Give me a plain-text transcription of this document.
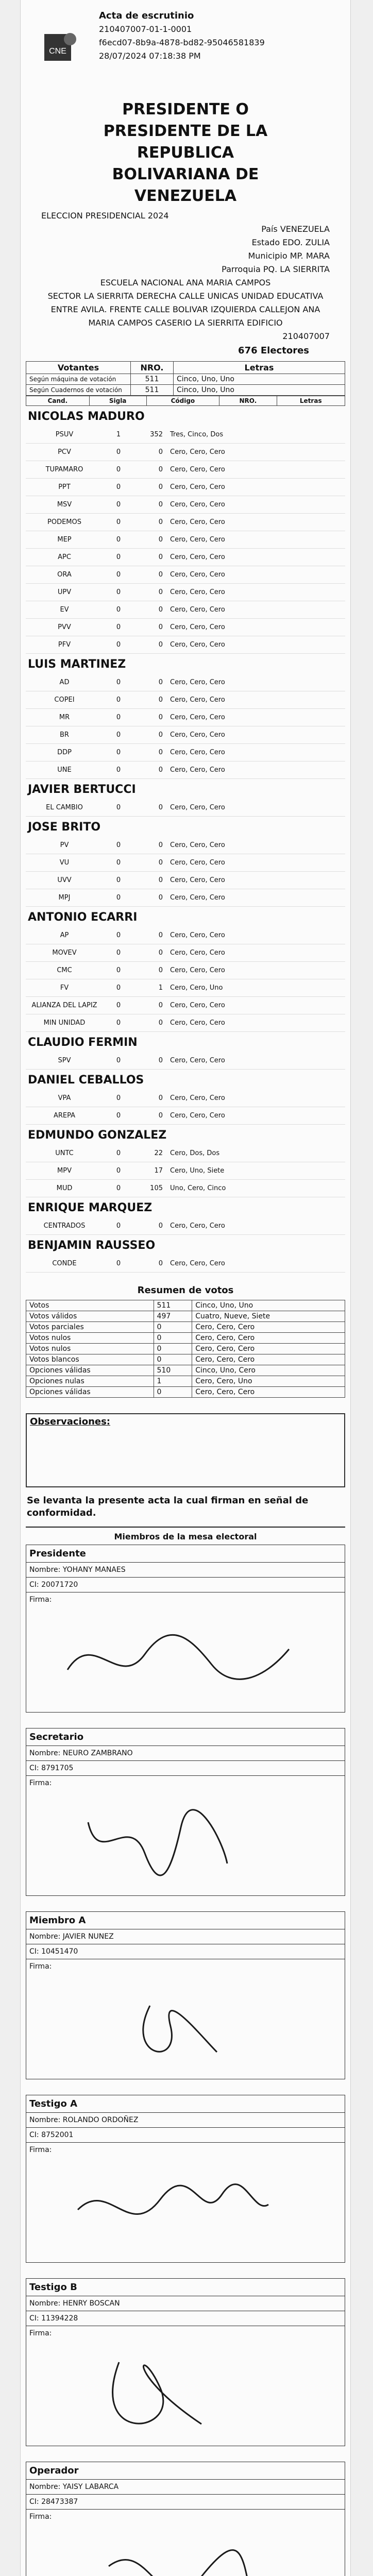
CNE
Acta de escrutinio
210407007-01-1-0001
f6ecd07-8b9a-4878-bd82-95046581839
28/07/2024 07:18:38 PM
PRESIDENTE O
PRESIDENTE DE LA
REPUBLICA
BOLIVARIANA DE
VENEZUELA
ELECCION PRESIDENCIAL 2024
País VENEZUELA
Estado EDO. ZULIA
Municipio MP. MARA
Parroquia PQ. LA SIERRITA
ESCUELA NACIONAL ANA MARIA CAMPOS
SECTOR LA SIERRITA DERECHA CALLE UNICAS UNIDAD EDUCATIVA ENTRE AVILA. FRENTE CALLE BOLIVAR IZQUIERDA CALLEJON ANA MARIA CAMPOS CASERIO LA SIERRITA EDIFICIO
210407007
676 Electores
Votantes	NRO.	Letras
Según máquina de votación	511	Cinco, Uno, Uno
Según Cuadernos de votación	511	Cinco, Uno, Uno
Cand.	Sigla	Código	NRO.	Letras
NICOLAS MADURO
PSUV	1	352	Tres, Cinco, Dos
PCV	0	0	Cero, Cero, Cero
TUPAMARO	0	0	Cero, Cero, Cero
PPT	0	0	Cero, Cero, Cero
MSV	0	0	Cero, Cero, Cero
PODEMOS	0	0	Cero, Cero, Cero
MEP	0	0	Cero, Cero, Cero
APC	0	0	Cero, Cero, Cero
ORA	0	0	Cero, Cero, Cero
UPV	0	0	Cero, Cero, Cero
EV	0	0	Cero, Cero, Cero
PVV	0	0	Cero, Cero, Cero
PFV	0	0	Cero, Cero, Cero
LUIS MARTINEZ
AD	0	0	Cero, Cero, Cero
COPEI	0	0	Cero, Cero, Cero
MR	0	0	Cero, Cero, Cero
BR	0	0	Cero, Cero, Cero
DDP	0	0	Cero, Cero, Cero
UNE	0	0	Cero, Cero, Cero
JAVIER BERTUCCI
EL CAMBIO	0	0	Cero, Cero, Cero
JOSE BRITO
PV	0	0	Cero, Cero, Cero
VU	0	0	Cero, Cero, Cero
UVV	0	0	Cero, Cero, Cero
MPJ	0	0	Cero, Cero, Cero
ANTONIO ECARRI
AP	0	0	Cero, Cero, Cero
MOVEV	0	0	Cero, Cero, Cero
CMC	0	0	Cero, Cero, Cero
FV	0	1	Cero, Cero, Uno
ALIANZA DEL LAPIZ	0	0	Cero, Cero, Cero
MIN UNIDAD	0	0	Cero, Cero, Cero
CLAUDIO FERMIN
SPV	0	0	Cero, Cero, Cero
DANIEL CEBALLOS
VPA	0	0	Cero, Cero, Cero
AREPA	0	0	Cero, Cero, Cero
EDMUNDO GONZALEZ
UNTC	0	22	Cero, Dos, Dos
MPV	0	17	Cero, Uno, Siete
MUD	0	105	Uno, Cero, Cinco
ENRIQUE MARQUEZ
CENTRADOS	0	0	Cero, Cero, Cero
BENJAMIN RAUSSEO
CONDE	0	0	Cero, Cero, Cero
Resumen de votos
Votos	511	Cinco, Uno, Uno
Votos válidos	497	Cuatro, Nueve, Siete
Votos parciales	0	Cero, Cero, Cero
Votos nulos	0	Cero, Cero, Cero
Votos nulos	0	Cero, Cero, Cero
Votos blancos	0	Cero, Cero, Cero
Opciones válidas	510	Cinco, Uno, Cero
Opciones nulas	1	Cero, Cero, Uno
Opciones válidas	0	Cero, Cero, Cero
Observaciones:
Se levanta la presente acta la cual firman en señal de conformidad.
Miembros de la mesa electoral
Presidente
Nombre: YOHANY MANAES
CI: 20071720
Firma:
Secretario
Nombre: NEURO ZAMBRANO
CI: 8791705
Firma:
Miembro A
Nombre: JAVIER NUNEZ
CI: 10451470
Firma:
Testigo A
Nombre: ROLANDO ORDOÑEZ
CI: 8752001
Firma:
Testigo B
Nombre: HENRY BOSCAN
CI: 11394228
Firma:
Operador
Nombre: YAISY LABARCA
CI: 28473387
Firma:
